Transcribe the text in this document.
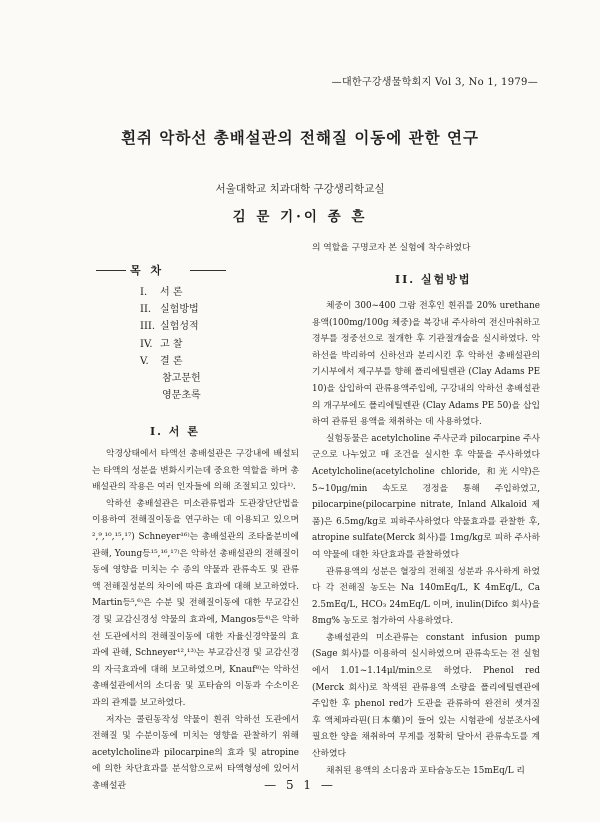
—대한구강생물학회지 Vol 3, No 1, 1979—
흰쥐 악하선 총배설관의 전해질 이동에 관한 연구
서울대학교 치과대학 구강생리학교실
김 문 기·이 종 흔
목 차
I. 서 론
II. 실험방법
III. 실험성적
IV. 고 찰
V. 결 론
참고문헌
영문초록
I. 서 론

악경상태에서 타액선 총배설관은 구강내에 배설되는 타액의 성분을 변화시키는데 중요한 역할을 하며 총배설관의 작용은 여러 인자들에 의해 조절되고 있다¹⁾.

악하선 총배설관은 미소관류법과 도관장단단법을 이용하여 전해질이동을 연구하는 데 이용되고 있으며²,⁹,¹⁰,¹⁵,¹⁷) Schneyer¹⁶⁾는 총배설관의 조타올분비에 관해, Young등¹⁵,¹⁶,¹⁷⁾은 악하선 총배설관의 전해질이동에 영향을 미치는 수 종의 약물과 관류속도 및 관류액 전해질성분의 차이에 따른 효과에 대해 보고하였다. Martin등⁵,⁶⁾은 수분 및 전해질이동에 대한 무교감신경 및 교감신경성 약물의 효과에, Mangos등⁴⁾은 악하선 도관에서의 전해질이동에 대한 자율신경약물의 효과에 관해, Schneyer¹²,¹³⁾는 부교감신경 및 교감신경의 자극효과에 대해 보고하였으며, Knauf⁸⁾는 악하선 총배설관에서의 소디움 및 포타슘의 이동과 수소이온과의 관계를 보고하였다.

저자는 콜린동작성 약물이 흰쥐 악하선 도관에서 전해질 및 수분이동에 미치는 영향을 관찰하기 위해 acetylcholine과 pilocarpine의 효과 및 atropine에 의한 차단효과를 분석함으로써 타액형성에 있어서 총배설관

의 역할을 구명코자 본 실험에 착수하였다
II. 실험방법

체중이 300~400 그람 전후인 흰쥐를 20% urethane 용액(100mg/100g 체중)을 복강내 주사하여 전신마취하고 경부를 정중선으로 절개한 후 기관절개술을 실시하였다. 악하선을 박리하여 신하선과 분리시킨 후 악하선 총배설관의 기시부에서 제구부를 향해 폴리에틸렌관 (Clay Adams PE 10)을 삽입하여 관류용액주입에, 구강내의 악하선 총배설관의 개구부에도 폴리에틸렌관 (Clay Adams PE 50)을 삽입하여 관류된 용액을 채취하는 데 사용하였다.

실험동물은 acetylcholine 주사군과 pilocarpine 주사군으로 나누었고 매 조건을 실시한 후 약물을 주사하였다 Acetylcholine(acetylcholine chloride, 和光시약)은 5~10μg/min 속도로 경정을 통해 주입하였고, pilocarpine(pilocarpine nitrate, Inland Alkaloid 제품)은 6.5mg/kg로 피하주사하였다 약물효과를 관찰한 후, atropine sulfate(Merck 회사)를 1mg/kg로 피하 주사하여 약물에 대한 차단효과를 관찰하였다

관류용액의 성분은 혈장의 전해질 성분과 유사하게 하였다 각 전해질 농도는 Na 140mEq/L, K 4mEq/L, Ca 2.5mEq/L, HCO₃ 24mEq/L 이며, inulin(Difco 회사)을 8mg% 농도로 첨가하여 사용하였다.

총배설관의 미소관류는 constant infusion pump (Sage 회사)를 이용하여 실시하였으며 관류속도는 전 실험에서 1.01~1.14μl/min으로 하였다. Phenol red (Merck 회사)로 착색된 관류용액 소량을 폴리에틸렌관에 주입한 후 phenol red가 도관을 관류하여 완전히 셋겨질 후 액체파라핀(日本藥)이 들어 있는 시험관에 성분조사에 필요한 양을 채취하여 무게를 정확히 달아서 관류속도를 계산하였다

채취된 용액의 소디움과 포타슘농도는 15mEq/L 리

— 5 1 —
